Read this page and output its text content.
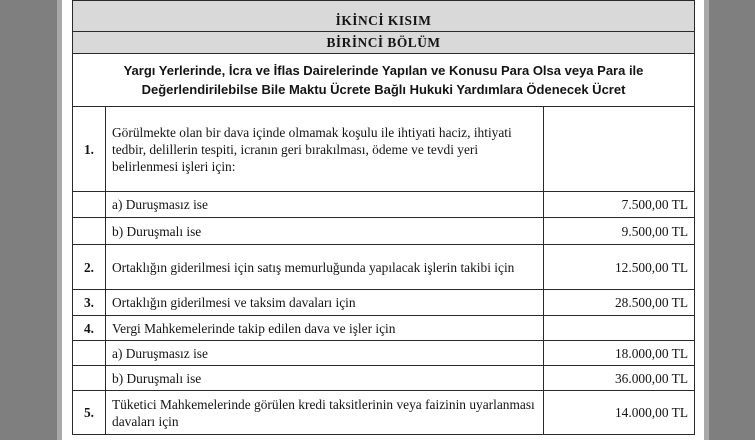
İKİNCİ KISIM		
BİRİNCİ BÖLÜM		
Yargı Yerlerinde, İcra ve İflas Dairelerinde Yapılan ve Konusu Para Olsa veya Para ile Değerlendirilebilse Bile Maktu Ücrete Bağlı Hukuki Yardımlara Ödenecek Ücret		
1.	Görülmekte olan bir dava içinde olmamak koşulu ile ihtiyati haciz, ihtiyati tedbir, delillerin tespiti, icranın geri bırakılması, ödeme ve tevdi yeri belirlenmesi işleri için:	
	a) Duruşmasız ise	7.500,00 TL
	b) Duruşmalı ise	9.500,00 TL
2.	Ortaklığın giderilmesi için satış memurluğunda yapılacak işlerin takibi için	12.500,00 TL
3.	Ortaklığın giderilmesi ve taksim davaları için	28.500,00 TL
4.	Vergi Mahkemelerinde takip edilen dava ve işler için	
	a) Duruşmasız ise	18.000,00 TL
	b) Duruşmalı ise	36.000,00 TL
5.	Tüketici Mahkemelerinde görülen kredi taksitlerinin veya faizinin uyarlanması davaları için	14.000,00 TL
